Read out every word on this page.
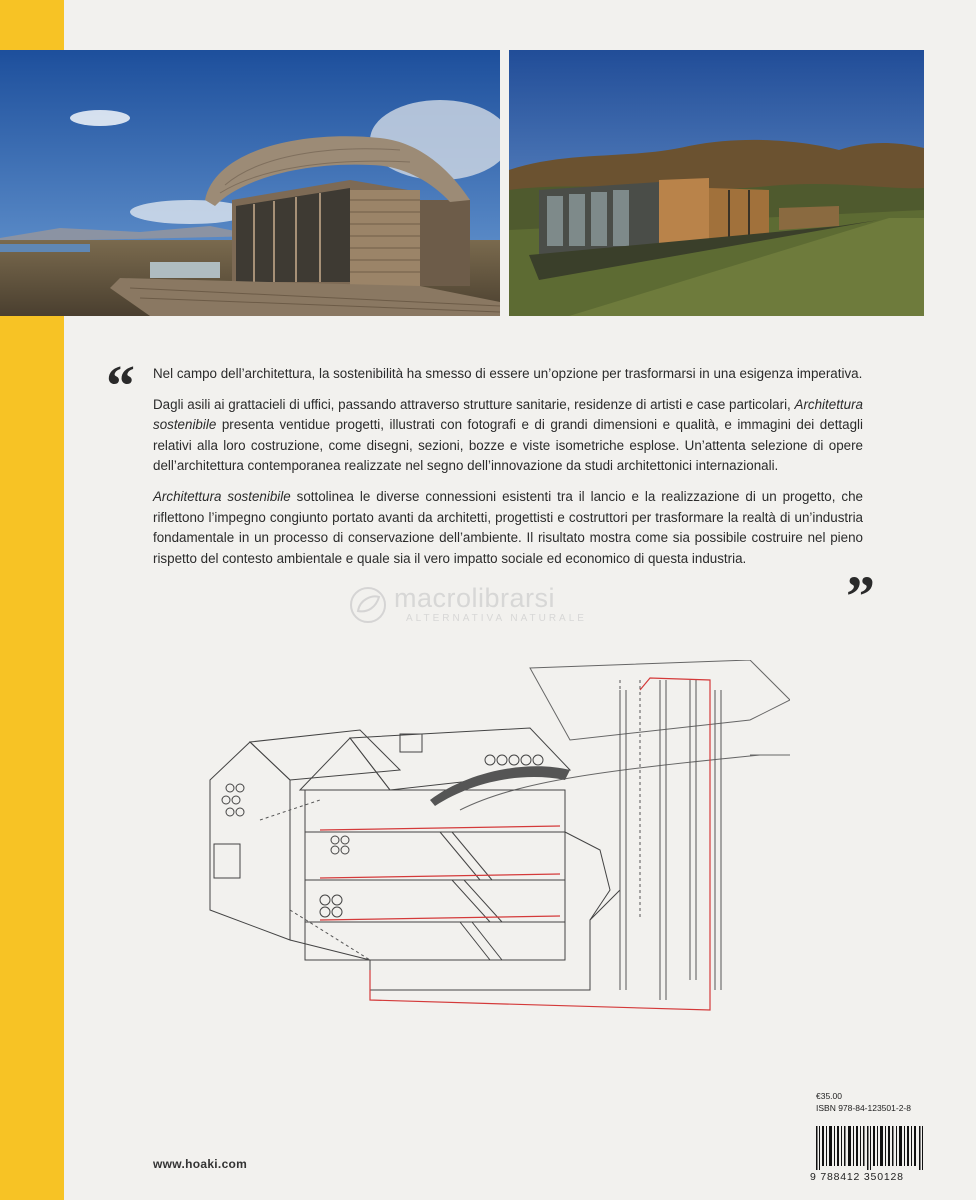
“
”

Nel campo dell’architettura, la sostenibilità ha smesso di essere un’opzione per trasformarsi in una esigenza imperativa.

Dagli asili ai grattacieli di uffici, passando attraverso strutture sanitarie, residenze di artisti e case particolari, Architettura sostenibile presenta ventidue progetti, illustrati con fotografi e di grandi dimensioni e qualità, e immagini dei dettagli relativi alla loro costruzione, come disegni, sezioni, bozze e viste isometriche esplose. Un’attenta selezione di opere dell’architettura contemporanea realizzate nel segno dell’innovazione da studi architettonici internazionali.

Architettura sostenibile sottolinea le diverse connessioni esistenti tra il lancio e la realizzazione di un progetto, che riflettono l’impegno congiunto portato avanti da architetti, progettisti e costruttori per trasformare la realtà di un’industria fondamentale in un processo di conservazione dell’ambiente. Il risultato mostra come sia possibile costruire nel pieno rispetto del contesto ambientale e quale sia il vero impatto sociale ed economico di questa industria.

macrolibrarsi
ALTERNATIVA NATURALE
€35.00
ISBN 978-84-123501-2-8
9 788412 350128
www.hoaki.com
